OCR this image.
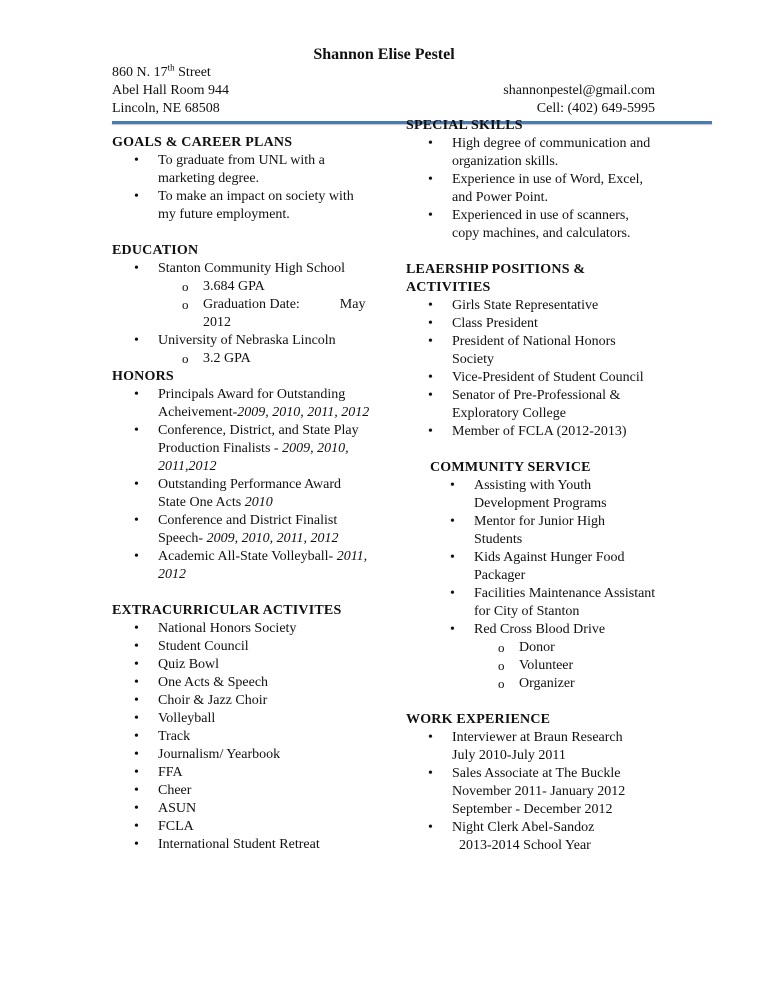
Shannon Elise Pestel
860 N. 17th Street
Abel Hall Room 944
Lincoln, NE 68508
shannonpestel@gmail.com
Cell: (402) 649-5995
GOALS & CAREER PLANS
• To graduate from UNL with a marketing degree.
• To make an impact on society with my future employment.
EDUCATION
• Stanton Community High School
o 3.684 GPA
o Graduation Date:	May 2012
• University of Nebraska Lincoln
o 3.2 GPA
HONORS
• Principals Award for Outstanding Acheivement-2009, 2010, 2011, 2012
• Conference, District, and State Play Production Finalists - 2009, 2010, 2011,2012
• Outstanding Performance Award State One Acts 2010
• Conference and District Finalist Speech- 2009, 2010, 2011, 2012
• Academic All-State Volleyball- 2011, 2012
EXTRACURRICULAR ACTIVITES
• National Honors Society
• Student Council
• Quiz Bowl
• One Acts & Speech
• Choir & Jazz Choir
• Volleyball
• Track
• Journalism/ Yearbook
• FFA
• Cheer
• ASUN
• FCLA
• International Student Retreat
SPECIAL SKILLS
• High degree of communication and organization skills.
• Experience in use of Word, Excel, and Power Point.
• Experienced in use of scanners, copy machines, and calculators.
LEAERSHIP POSITIONS &
ACTIVITIES
• Girls State Representative
• Class President
• President of National Honors Society
• Vice-President of Student Council
• Senator of Pre-Professional & Exploratory College
• Member of FCLA (2012-2013)
COMMUNITY SERVICE
• Assisting with Youth Development Programs
• Mentor for Junior High Students
• Kids Against Hunger Food Packager
• Facilities Maintenance Assistant for City of Stanton
• Red Cross Blood Drive
o Donor
o Volunteer
o Organizer
WORK EXPERIENCE
• Interviewer at Braun Research
July 2010-July 2011
• Sales Associate at The Buckle
November 2011- January 2012
September - December 2012
• Night Clerk Abel-Sandoz
2013-2014 School Year
